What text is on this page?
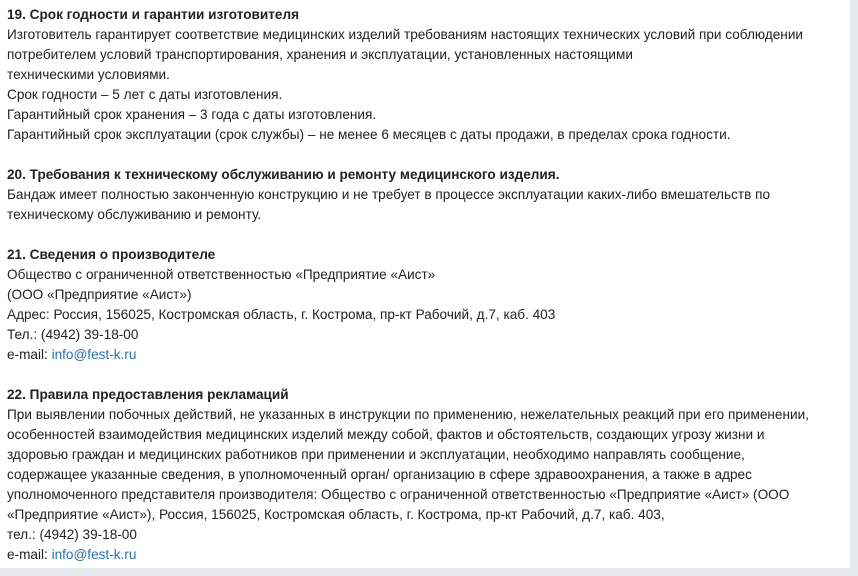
19. Срок годности и гарантии изготовителя
Изготовитель гарантирует соответствие медицинских изделий требованиям настоящих технических условий при соблюдении
потребителем условий транспортирования, хранения и эксплуатации, установленных настоящими
техническими условиями.
Срок годности – 5 лет с даты изготовления.
Гарантийный срок хранения – 3 года с даты изготовления.
Гарантийный срок эксплуатации (срок службы) – не менее 6 месяцев с даты продажи, в пределах срока годности.
20. Требования к техническому обслуживанию и ремонту медицинского изделия.
Бандаж имеет полностью законченную конструкцию и не требует в процессе эксплуатации каких-либо вмешательств по
техническому обслуживанию и ремонту.
21. Сведения о производителе
Общество с ограниченной ответственностью «Предприятие «Аист»
(ООО «Предприятие «Аист»)
Адрес: Россия, 156025, Костромская область, г. Кострома, пр-кт Рабочий, д.7, каб. 403
Тел.: (4942) 39-18-00
e-mail: info@fest-k.ru
22. Правила предоставления рекламаций
При выявлении побочных действий, не указанных в инструкции по применению, нежелательных реакций при его применении,
особенностей взаимодействия медицинских изделий между собой, фактов и обстоятельств, создающих угрозу жизни и
здоровью граждан и медицинских работников при применении и эксплуатации, необходимо направлять сообщение,
содержащее указанные сведения, в уполномоченный орган/ организацию в сфере здравоохранения, а также в адрес
уполномоченного представителя производителя: Общество с ограниченной ответственностью «Предприятие «Аист» (ООО
«Предприятие «Аист»), Россия, 156025, Костромская область, г. Кострома, пр-кт Рабочий, д.7, каб. 403,
тел.: (4942) 39-18-00
e-mail: info@fest-k.ru
